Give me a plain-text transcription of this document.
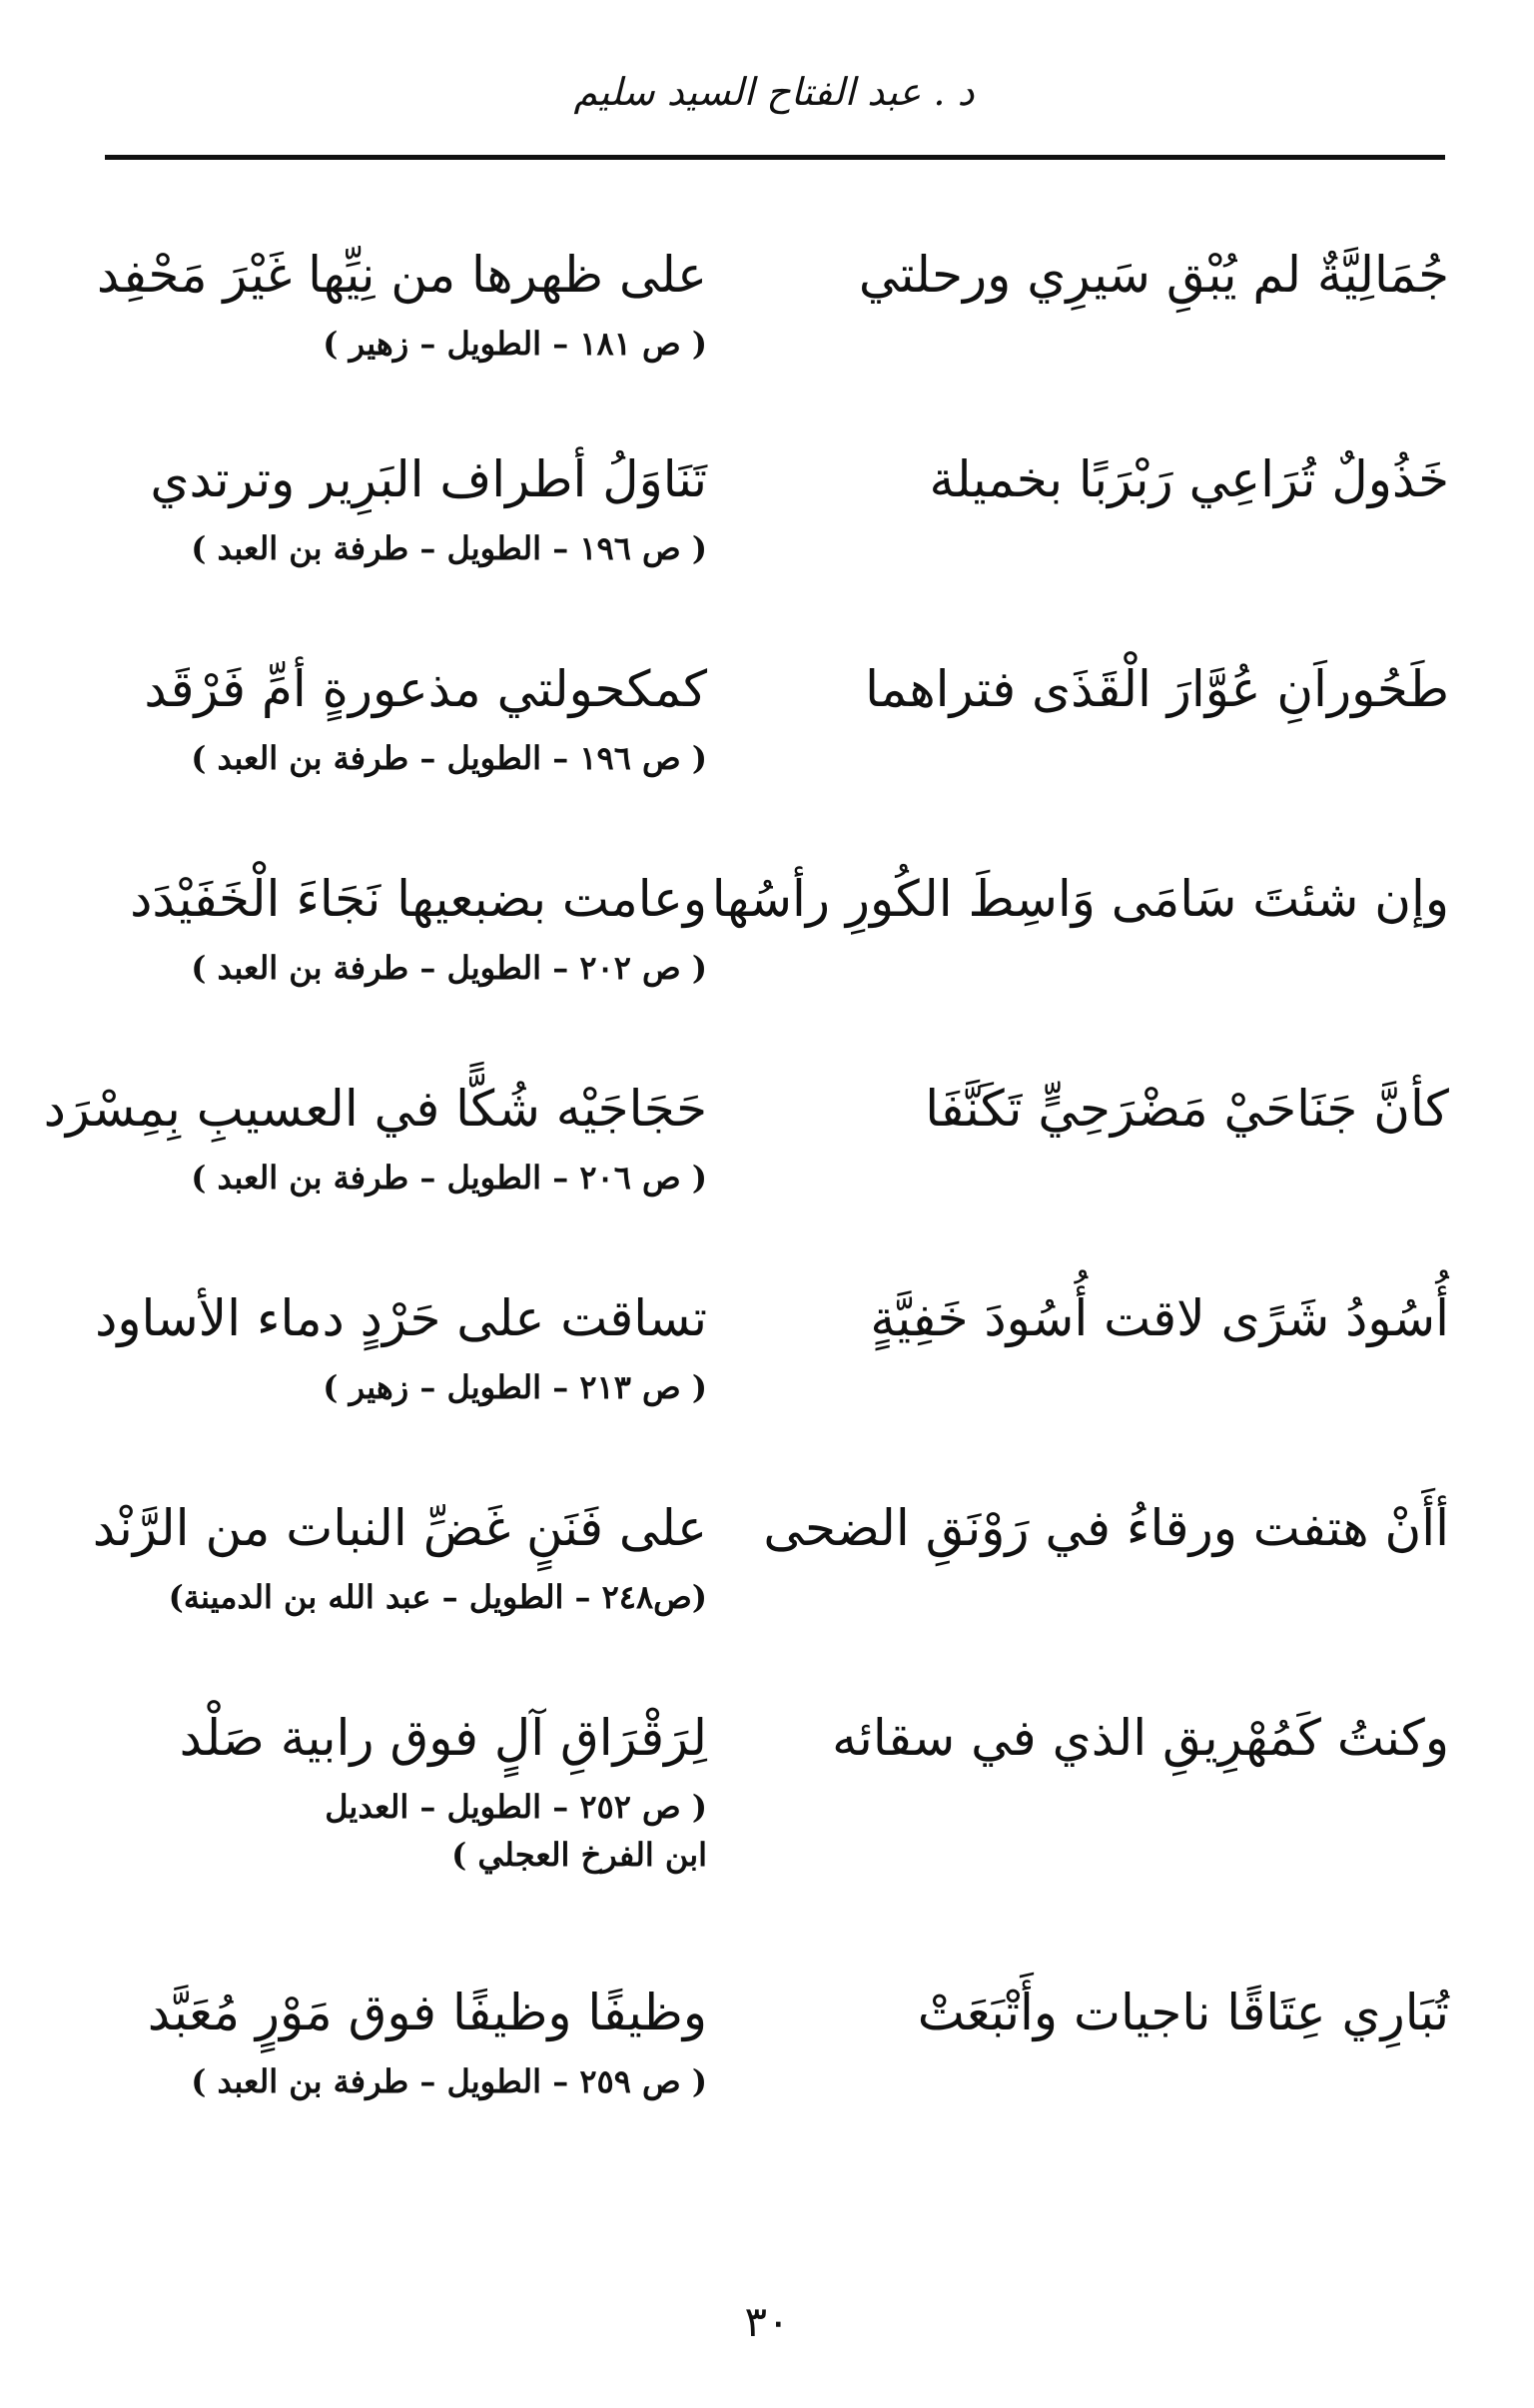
د . عبد الفتاح السيد سليم
جُمَالِيَّةٌ لم يُبْقِ سَيرِي ورحلتي
على ظهرها من نِيِّها غَيْرَ مَحْفِد
( ص ١٨١ – الطويل – زهير )
خَذُولٌ تُرَاعِي رَبْرَبًا بخميلة
تَنَاوَلُ أطراف البَرِير وترتدي
( ص ١٩٦ – الطويل – طرفة بن العبد )
طَحُوراَنِ عُوَّارَ الْقَذَى فتراهما
كمكحولتي مذعورةٍ أمِّ فَرْقَد
( ص ١٩٦ – الطويل – طرفة بن العبد )
وإن شئتَ سَامَى وَاسِطَ الكُورِ رأسُها
وعامت بضبعيها نَجَاءَ الْخَفَيْدَد
( ص ٢٠٢ – الطويل – طرفة بن العبد )
كأنَّ جَنَاحَيْ مَضْرَحِيٍّ تَكَنَّفَا
حَجَاجَيْه شُكًّا في العسيبِ بِمِسْرَد
( ص ٢٠٦ – الطويل – طرفة بن العبد )
أُسُودُ شَرًى لاقت أُسُودَ خَفِيَّةٍ
تساقت على حَرْدٍ دماء الأساود
( ص ٢١٣ – الطويل – زهير )
أأَنْ هتفت ورقاءُ في رَوْنَقِ الضحى
على فَنَنٍ غَضِّ النبات من الرَّنْد
(ص٢٤٨ – الطويل – عبد الله بن الدمينة)
وكنتُ كَمُهْرِيقِ الذي في سقائه
لِرَقْرَاقِ آلٍ فوق رابية صَلْد
( ص ٢٥٢ – الطويل – العديل
ابن الفرخ العجلي )
تُبَارِي عِتَاقًا ناجيات وأَتْبَعَتْ
وظيفًا وظيفًا فوق مَوْرٍ مُعَبَّد
( ص ٢٥٩ – الطويل – طرفة بن العبد )
٣٠
